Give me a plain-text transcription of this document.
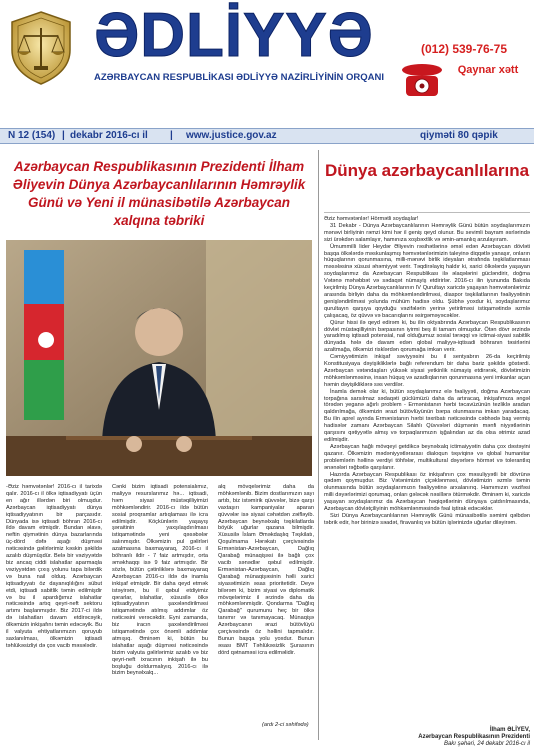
ƏDLİYYƏ
AZƏRBAYCAN RESPUBLİKASI ƏDLİYYƏ NAZİRLİYİNİN ORQANI
(012) 539-76-75
Qaynar xətt
N 12 (154) | dekabr 2016-cı il | www.justice.gov.az	qiymәti 80 qәpik
Azərbaycan Respublikasının Prezidenti İlham Əliyevin Dünya Azərbaycanlılarının Həmrəylik Günü və Yeni il münasibətilə Azərbaycan xalqına təbriki

-Əziz həmvətənlər! 2016-cı il tarixdə qalır. 2016-cı il ölkə iqtisadiyyatı üçün en ağır illərdən biri olmuşdur. Azərbaycan iqtisadiyyatı dünya iqtisadiyyatının bir parçasıdır. Dünyada isə iqtisadi böhran 2016-cı ildə davam etmişdir. Bundan əlavə, neftin qiymətinin dünya bazarlarında üç-dörd dəfə aşağı düşməsi nəticəsində gəlirlərimiz kəskin şəkildə azalıb düşmüşdür. Belə bir vəziyyətdə biz ancaq ciddi islahatlar aparmaqla vəziyyətdən çıxış yolunu tapa bilərdik və buna nail olduq. Azərbaycan iqtisadiyyatı öz dayanıqlılığını sübut etdi, iqtisadi sabitlik təmin edilmişdir və bu il apardığımız islahatlar nəticəsində artıq qeyri-neft sektoru artımı başlanmışdır. Biz 2017-ci ildə də islahatları davam etdirəcəyik, ölkəmizin inkişafını təmin edəcəyik. Bu il valyuta ehtiyatlarımızın qoruyub saxlanılması, ölkəmizin iqtisadi təhlükəsizliyi də çox vacib məsələdir.

Cənki bizim iqtisadi potensialımız, maliyyə resurslarımız hə... iqtisadi, həm siyasi müstəqilliyimizi möhkəmləndirir. 2016-cı ildə bütün sosial proqramlar artıqlaması ilə icra edilmişdir. Köçkünlərin yaşayış şəraitinin yaxşılaşdırılması istiqamətində yeni qəsəbələr salınmışdır. Ölkəmizin pul gəlirləri azalmasına baxmayaraq, 2016-cı il böhranlı ildir - 7 faiz artmışdır, orta əməkhaqqı isə 9 faiz artmışdır. Bir sözlə, bütün çətinliklərə baxmayaraq Azərbaycan 2016-cı ildə də inamla inkişaf etmişdir. Bir daha qeyd etmək istəyirəm, bu il qəbul etdiyimiz qərarlar, islahatlar, xüsusilə ölkə iqtisadiyyatının şaxələndirilməsi istiqamətində atılmış addımlar öz nəticəsini verəcəkdir. Eyni zamanda, biz iracın şaxələndirilməsi istiqamətində çox önəmli addımlar atmışıq. Əminəm ki, bütün bu islahatlar aşağı düşməsi nəticəsində bizim valyuta gəlirlərimiz azalıb və biz qeyri-neft ixracının inkişafı ilə bu boşluğu doldurmalıyıq. 2016-cı ilə bizim beynəlxalq...

alq mövqelərimiz daha da möhkəmlənib. Bizim dostlarımızın sayı artıb, biz istəmirik qüvvələr, bizə qarşı vaxtaşırı kampaniyalar aparan qüvvələr isə siyasi cəhətdən zəifləyib. Azərbaycan beynəlxalq təşkilatlarda böyük uğurlar qazana bilmişdir. Xüsusilə İslam Əməkdaşlıq Təşkilatı, Qoşulmama Hərəkatı çərçivəsində Ermənistan-Azərbaycan, Dağlıq Qarabağ münaqişəsi ilə bağlı çox vacib sənədlər qəbul edilmişdir. Ermənistan-Azərbaycan, Dağlıq Qarabağ münaqişəsinin həlli xarici siyasətimizin əsas prioritetidir. Deyə bilərəm ki, bizim siyasi və diplomatik mövqelərimiz il ərzində daha da möhkəmlənmişdir. Qondarma "Dağlıq Qarabağ" qurumunu heç bir ölkə tanımır və tanımayacaq. Münaqişə Azərbaycanın ərazi bütövlüyü çərçivəsində öz həllini tapmalıdır. Bunun başqa yolu yoxdur. Bunun əsası BMT Təhlükəsizlik Şurasının dörd qətnaməsi icra edilməlidir.

(ardı 2-ci səhifədə)
Dünya azərbaycanlılarına

Əziz həmvətənlər! Hörmətli soydaşlar!

31 Dekabr - Dünya Azərbaycanlılarının Həmrəylik Günü bütün soydaşlarımızın mənəvi birliyinin rəmzi kimi hər il geniş qeyd olunur. Bu sevimli bayram əsrlərində sizi ürəkdən salamlayır, hamınıza xoşbəxtlik və əmin-amanlıq arzulayıram.

Ümummilli lider Heydər Əliyevin rəsihətlərinə əməl edən Azərbaycan dövləti başqa ölkələrdə məskunlaşmış həmvətənlərimizin taleyinə diqqətlə yanaşır, onların hüquqlarının qorunmasına, milli-mənəvi birlik ideyaları ətrafında təşkilatlanması məsələsinə xüsusi əhəmiyyət verir. Təqdirəlayiq haldır ki, xarici ölkələrdə yaşayan soydaşlarımız da Azərbaycan Respublikası ilə əlaqələrini gücləndirir, doğma Vətənə məhəbbət və sədaqət nümayiş etdirirlər. 2016-cı ilin iyununda Bakıda keçirilmiş Dünya Azərbaycanlılarının IV Qurultayı xaricdə yaşayan həmvətənlərimiz arasında birliyin daha da möhkəmləndirilməsi, diaspor təşkilatlarının fəaliyyətinin genişləndirilməsi yolunda mühüm hadisə oldu. Şübhə yoxdur ki, soydaşlarımız qurultayın qarşıya qoyduğu vəzifələrin yerinə yetirilməsi istiqamətində əzmlə çalışacaq, öz qüvvə və bacarıqlarını əsirgəməyəcəklər.

Qürur hissi ilə qeyd edirəm ki, bu ilin oktyabrında Azərbaycan Respublikasının dövlət müstəqilliyinin bərpasının iyirmi beş ili tamam olmuşdur. Ötən dövr ərzində yaradılmış iqtisadi potensial, nail olduğumuz sosial tərəqqi və ictimai-siyasi sabitlik dünyada hələ də davam edən qlobal maliyyə-iqtisadi böhranın təsirlərini azaltmağa, ölkəmizi risklərdən qorumağa imkan verir.

Cəmiyyətimizin inkişaf səviyyəsini bu il sentyabrın 26-da keçirilmiş Konstitusiyaya dəyişikliklərlə bağlı referendum bir daha bariz şəkildə göstərdi. Azərbaycan vətəndaşları yüksək siyasi yetkinlik nümayiş etdirərək, dövlətimizin möhkəmlənməsinə, insan hüquq və azadlıqlarının qorunmasına yeni imkanlar açan həmin dəyişikliklərə səs verdilər.

İnamla demək olar ki, bütün soydaşlarımız elə fəaliyyəti, doğma Azərbaycan torpağına sarsılmaz sədaqəti güclümüzü daha da artıracaq, inkişafımıza əngəl törədən yeganə ağırlı problem - Ermənistanın hərbi təcavüzünün tezliklə aradan qaldırılmağa, ölkəmizin ərazi bütövlüyünün bərpa olunmasına imkan yaradacaq. Bu ilin aprel ayında Ermənistanın hərbi təxribatı nəticəsində cəbhədə baş vermiş hadisələr zamanı Azərbaycan Silahlı Qüvvələri düşmənin mənfi niyyətlərinin qarşısını qətiyyətlə almış və torpaqlarımızın işğalından az da olsa ətrimiz azad edilmişdir.

Azərbaycan hağlı mövqeyi getdikcə beynəlxalq ictimaiyyətin daha çox dəstəyini qazanır. Ölkəmizin mədəniyyətlərarası dialoqun təşviqinə və qlobal humanitar problemlərin həllinə verdiyi töhfələr, multikultural dəyərlərə hörmət və tolerantlıq ənənələri rəğbətlə qarşılanır.

Hazırda Azərbaycan Respublikası öz inkişafının çox məsuliyyətli bir dövrünə qədəm qoymuşdur. Biz Vətənimizin çiçəklənməsi, dövlətimizin əzmlə təmin olunmasında bütün soydaşlarımızın fəaliyyətinə arxalanırıq. Hamımızın vəzifəsi milli dəyərlərimizi qorumaq, onları gələcək nəsillərə ötürməkdir. Əminəm ki, xaricdə yaşayan soydaşlarımız da Azərbaycan həqiqətlərinin dünyaya çatdırılmasında, Azərbaycan dövlətçiliyinin möhkəmlənməsində fəal iştirak edəcəklər.

Sizi Dünya Azərbaycanlılarının Həmrəylik Günü münasibətilə səmimi qəlbdən təbrik edir, hər birinizə səadət, firavanlıq və bütün işlərinizdə uğurlar diləyirəm.

İlham ƏLİYEV,
Azərbaycan Respublikasının Prezidenti
Bakı şəhəri, 24 dekabr 2016-cı il
